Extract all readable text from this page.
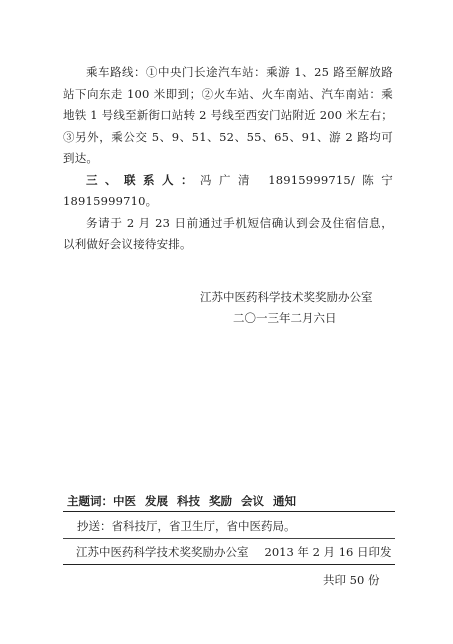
乘车路线：①中央门长途汽车站：乘游 1、25 路至解放路站下向东走 100 米即到；②火车站、火车南站、汽车南站：乘地铁 1 号线至新街口站转 2 号线至西安门站附近 200 米左右；③另外，乘公交 5、9、51、52、55、65、91、游 2 路均可到达。

三、联系人：冯广清 18915999715/陈宁 18915999710。

务请于 2 月 23 日前通过手机短信确认到会及住宿信息，以利做好会议接待安排。

江苏中医药科学技术奖奖励办公室
二〇一三年二月六日
主题词：中医 发展 科技 奖励 会议 通知
抄送：省科技厅，省卫生厅，省中医药局。
江苏中医药科学技术奖奖励办公室 2013 年 2 月 16 日印发
共印 50 份
